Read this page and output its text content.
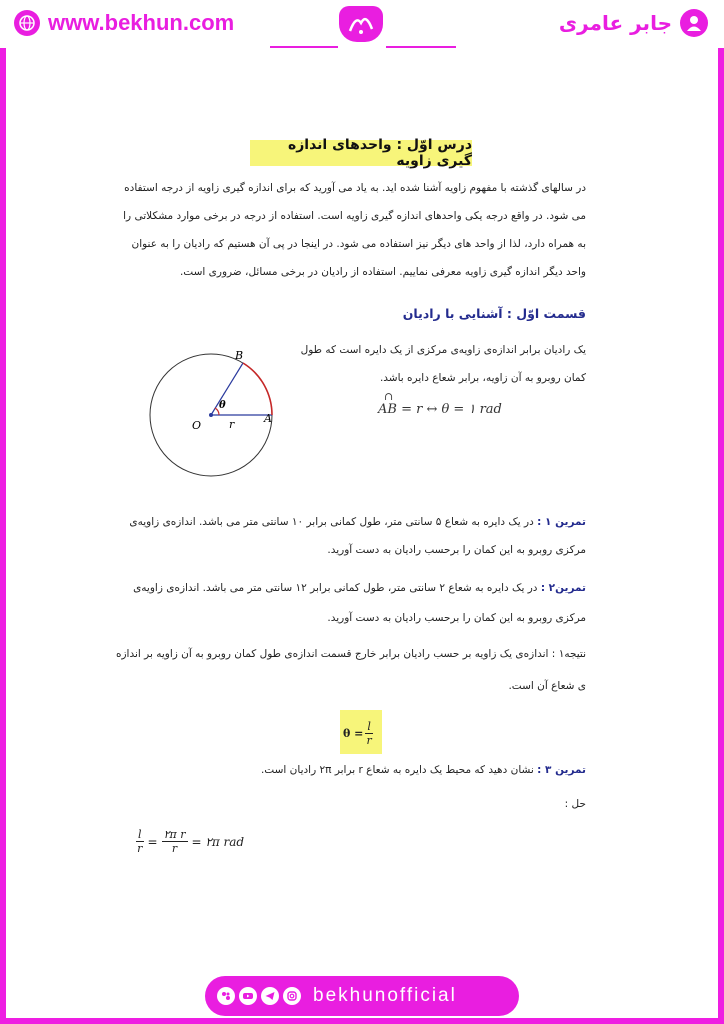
www.bekhun.com	جابر عامری
درس اوّل : واحدهای اندازه گیری زاویه
در سالهای گذشته با مفهوم زاویه آشنا شده اید. به یاد می آورید که برای اندازه گیری زاویه از درجه استفاده
می شود. در واقع درجه یکی واحدهای اندازه گیری زاویه است. استفاده از درجه در برخی موارد مشکلاتی را
به همراه دارد، لذا از واحد های دیگر نیز استفاده می شود. در اینجا در پی آن هستیم که رادیان را به عنوان
واحد دیگر اندازه گیری زاویه معرفی نماییم. استفاده از رادیان در برخی مسائل، ضروری است.
قسمت اوّل : آشنایی با رادیان
یک رادیان برابر اندازه‌ی زاویه‌ی مرکزی از یک دایره است که طول
کمان روبرو به آن زاویه، برابر شعاع دایره باشد.
∩
AB = r ↔ θ = ١ rad
B
A
O	r
θ
تمرین ١ : در یک دایره به شعاع ۵ سانتی متر، طول کمانی برابر ١٠ سانتی متر می باشد. اندازه‌ی زاویه‌ی
مرکزی روبرو به این کمان را برحسب رادیان به دست آورید.
تمرین٢ : در یک دایره به شعاع ٢ سانتی متر، طول کمانی برابر ١٢ سانتی متر می باشد. اندازه‌ی زاویه‌ی
مرکزی روبرو به این کمان را برحسب رادیان به دست آورید.
نتیجه١ : اندازه‌ی یک زاویه بر حسب رادیان برابر خارج قسمت اندازه‌ی طول کمان روبرو به آن زاویه بر اندازه
ی شعاع آن است.
$\theta = \frac{l}{r}$
تمرین ٣ : نشان دهید که محیط یک دایره به شعاع r برابر ٢π رادیان است.
حل :
$\frac{l}{r} = \frac{\text{٢π r}}{r}$ = ٢π rad
bekhunofficial
